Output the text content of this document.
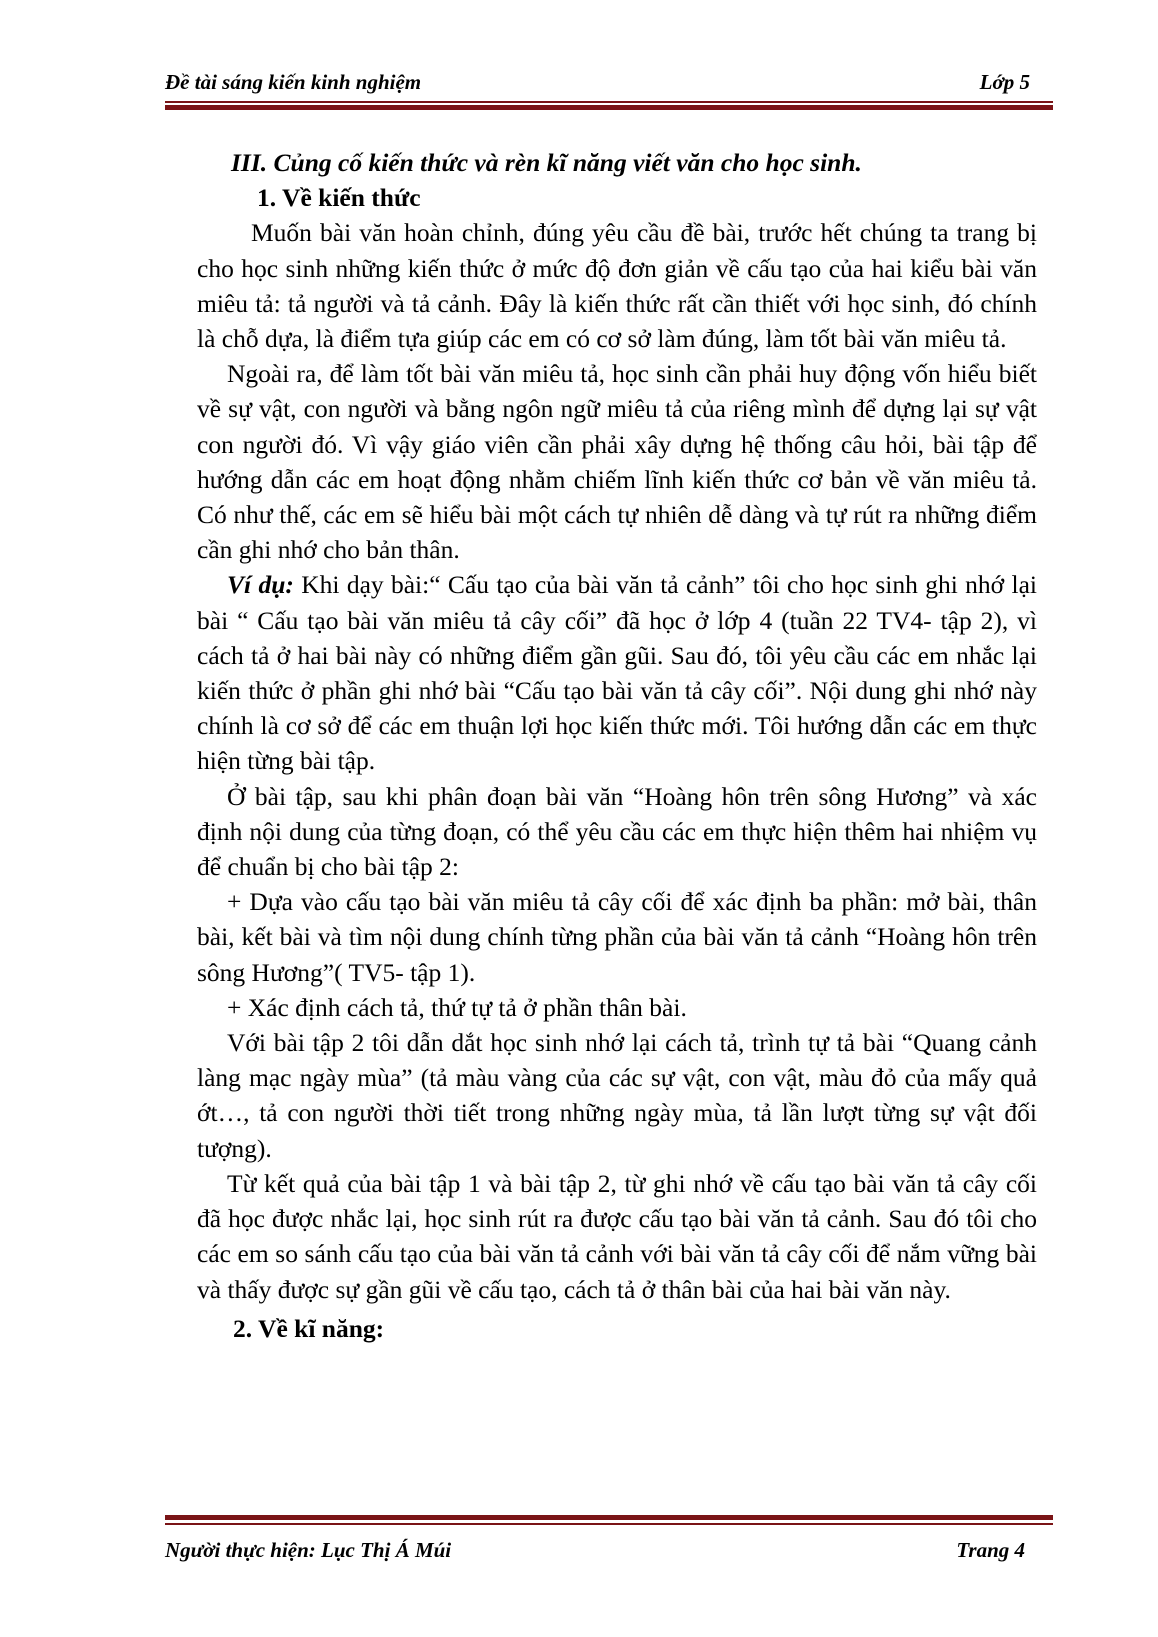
Đề tài sáng kiến kinh nghiệm	Lớp 5

III. Củng cố kiến thức và rèn kĩ năng viết văn cho học sinh.

1. Về kiến thức

Muốn bài văn hoàn chỉnh, đúng yêu cầu đề bài, trước hết chúng ta trang bị cho học sinh những kiến thức ở mức độ đơn giản về cấu tạo của hai kiểu bài văn miêu tả: tả người và tả cảnh. Đây là kiến thức rất cần thiết với học sinh, đó chính là chỗ dựa, là điểm tựa giúp các em có cơ sở làm đúng, làm tốt bài văn miêu tả.

Ngoài ra, để làm tốt bài văn miêu tả, học sinh cần phải huy động vốn hiểu biết về sự vật, con người và bằng ngôn ngữ miêu tả của riêng mình để dựng lại sự vật con người đó. Vì vậy giáo viên cần phải xây dựng hệ thống câu hỏi, bài tập để hướng dẫn các em hoạt động nhằm chiếm lĩnh kiến thức cơ bản về văn miêu tả. Có như thế, các em sẽ hiểu bài một cách tự nhiên dễ dàng và tự rút ra những điểm cần ghi nhớ cho bản thân.

Ví dụ: Khi dạy bài:“ Cấu tạo của bài văn tả cảnh” tôi cho học sinh ghi nhớ lại bài “ Cấu tạo bài văn miêu tả cây cối” đã học ở lớp 4 (tuần 22 TV4- tập 2), vì cách tả ở hai bài này có những điểm gần gũi. Sau đó, tôi yêu cầu các em nhắc lại kiến thức ở phần ghi nhớ bài “Cấu tạo bài văn tả cây cối”. Nội dung ghi nhớ này chính là cơ sở để các em thuận lợi học kiến thức mới. Tôi hướng dẫn các em thực hiện từng bài tập.

Ở bài tập, sau khi phân đoạn bài văn “Hoàng hôn trên sông Hương” và xác định nội dung của từng đoạn, có thể yêu cầu các em thực hiện thêm hai nhiệm vụ để chuẩn bị cho bài tập 2:

+ Dựa vào cấu tạo bài văn miêu tả cây cối để xác định ba phần: mở bài, thân bài, kết bài và tìm nội dung chính từng phần của bài văn tả cảnh “Hoàng hôn trên sông Hương”( TV5- tập 1).

+ Xác định cách tả, thứ tự tả ở phần thân bài.

Với bài tập 2 tôi dẫn dắt học sinh nhớ lại cách tả, trình tự tả bài “Quang cảnh làng mạc ngày mùa” (tả màu vàng của các sự vật, con vật, màu đỏ của mấy quả ớt…, tả con người thời tiết trong những ngày mùa, tả lần lượt từng sự vật đối tượng).

Từ kết quả của bài tập 1 và bài tập 2, từ ghi nhớ về cấu tạo bài văn tả cây cối đã học được nhắc lại, học sinh rút ra được cấu tạo bài văn tả cảnh. Sau đó tôi cho các em so sánh cấu tạo của bài văn tả cảnh với bài văn tả cây cối để nắm vững bài và thấy được sự gần gũi về cấu tạo, cách tả ở thân bài của hai bài văn này.

2. Về kĩ năng:

Người thực hiện: Lục Thị Á Múi	Trang 4
